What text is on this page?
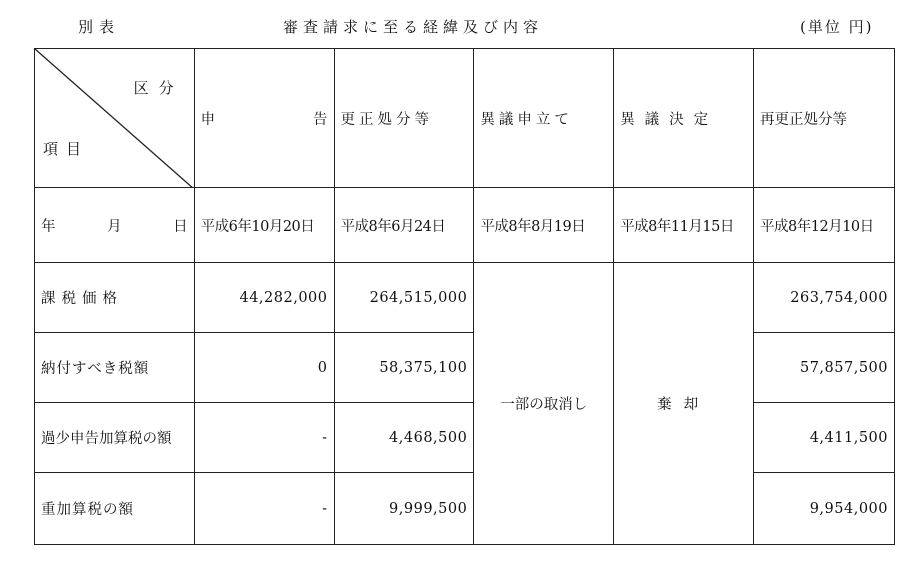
別表	審査請求に至る経緯及び内容	(単位 円)
区分
項目	申 告	更正処分等	異議申立て	異議決定	再更正処分等

年 月 日	平成6年10月20日	平成8年6月24日	平成8年8月19日	平成8年11月15日	平成8年12月10日
課税価格	44,282,000	264,515,000	一部の取消し	棄却	263,754,000
納付すべき税額	0	58,375,100			57,857,500
過少申告加算税の額	-	4,468,500			4,411,500
重加算税の額	-	9,999,500			9,954,000
